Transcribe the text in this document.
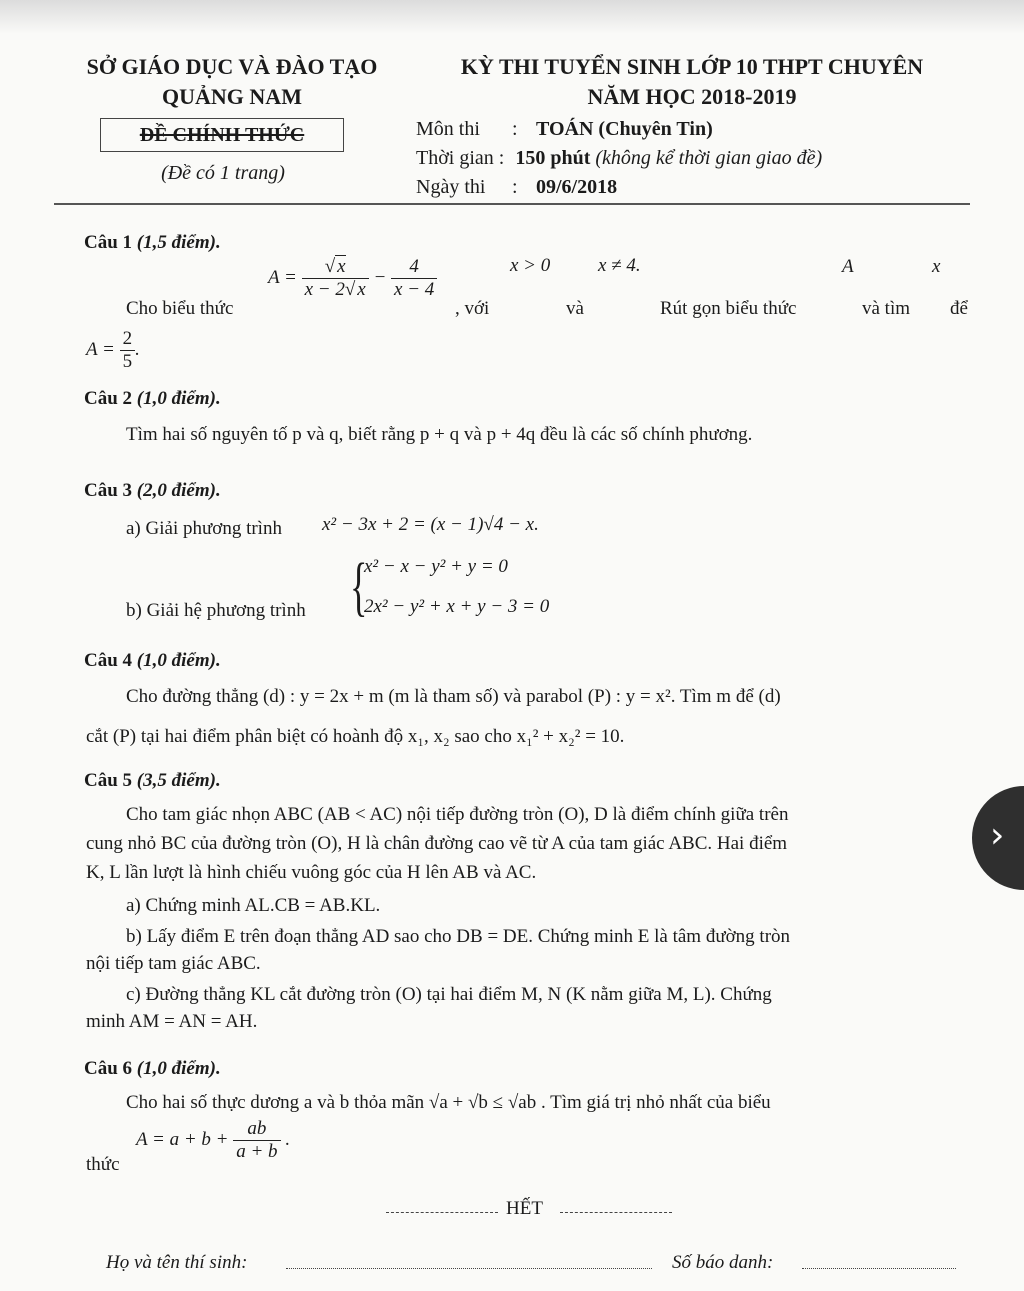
SỞ GIÁO DỤC VÀ ĐÀO TẠO
QUẢNG NAM
KỲ THI TUYỂN SINH LỚP 10 THPT CHUYÊN
NĂM HỌC 2018-2019
ĐỀ CHÍNH THỨC
(Đề có 1 trang)
Môn thi : TOÁN (Chuyên Tin)
Thời gian : 150 phút (không kể thời gian giao đề)
Ngày thi : 09/6/2018
Câu 1 (1,5 điểm).
Cho biểu thức
$A = \frac{√ x}{x - 2√ x} - \frac{4}{x - 4}$
, với
x > 0
và
x ≠ 4.
Rút gọn biểu thức
A
và tìm
x
để
$A = \frac{2}{5}$ .
Câu 2 (1,0 điểm).
Tìm hai số nguyên tố p và q, biết rằng p + q và p + 4q đều là các số chính phương.
Câu 3 (2,0 điểm).
a) Giải phương trình x² − 3x + 2 = (x − 1)√4 − x.
b) Giải hệ phương trình {
x² − x − y² + y = 0
2x² − y² + x + y − 3 = 0
Câu 4 (1,0 điểm).
Cho đường thẳng (d) : y = 2x + m (m là tham số) và parabol (P) : y = x². Tìm m để (d)
cắt (P) tại hai điểm phân biệt có hoành độ x₁, x₂ sao cho x₁² + x₂² = 10.
Câu 5 (3,5 điểm).
Cho tam giác nhọn ABC (AB < AC) nội tiếp đường tròn (O), D là điểm chính giữa trên
cung nhỏ BC của đường tròn (O), H là chân đường cao vẽ từ A của tam giác ABC. Hai điểm
K, L lần lượt là hình chiếu vuông góc của H lên AB và AC.
a) Chứng minh AL.CB = AB.KL.
b) Lấy điểm E trên đoạn thẳng AD sao cho DB = DE. Chứng minh E là tâm đường tròn
nội tiếp tam giác ABC.
c) Đường thẳng KL cắt đường tròn (O) tại hai điểm M, N (K nằm giữa M, L). Chứng
minh AM = AN = AH.
Câu 6 (1,0 điểm).
Cho hai số thực dương a và b thỏa mãn √a + √b ≤ √ab . Tìm giá trị nhỏ nhất của biểu
thức
$A = a + b + \frac{ab}{a + b}$ .
HẾT
Họ và tên thí sinh:	Số báo danh:
›
